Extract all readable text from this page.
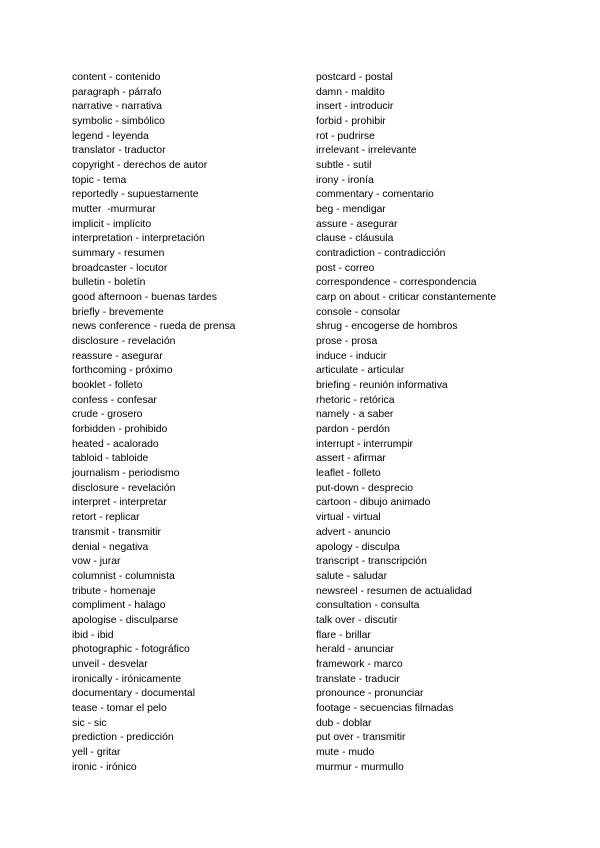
content - contenido
paragraph - párrafo
narrative - narrativa
symbolic - simbólico
legend - leyenda
translator - traductor
copyright - derechos de autor
topic - tema
reportedly - supuestamente
mutter  -murmurar
implicit - implícito
interpretation - interpretación
summary - resumen
broadcaster - locutor
bulletin - boletín
good afternoon - buenas tardes
briefly - brevemente
news conference - rueda de prensa
disclosure - revelación
reassure - asegurar
forthcoming - próximo
booklet - folleto
confess - confesar
crude - grosero
forbidden - prohibido
heated - acalorado
tabloid - tabloide
journalism - periodismo
disclosure - revelación
interpret - interpretar
retort - replicar
transmit - transmitir
denial - negativa
vow - jurar
columnist - columnista
tribute - homenaje
compliment - halago
apologise - disculparse
ibid - ibid
photographic - fotográfico
unveil - desvelar
ironically - irónicamente
documentary - documental
tease - tomar el pelo
sic - sic
prediction - predicción
yell - gritar
ironic - irónico
postcard - postal
damn - maldito
insert - introducir
forbid - prohibir
rot - pudrirse
irrelevant - irrelevante
subtle - sutil
irony - ironía
commentary - comentario
beg - mendigar
assure - asegurar
clause - cláusula
contradiction - contradicción
post - correo
correspondence - correspondencia
carp on about - criticar constantemente
console - consolar
shrug - encogerse de hombros
prose - prosa
induce - inducir
articulate - articular
briefing - reunión informativa
rhetoric - retórica
namely - a saber
pardon - perdón
interrupt - interrumpir
assert - afirmar
leaflet - folleto
put-down - desprecio
cartoon - dibujo animado
virtual - virtual
advert - anuncio
apology - disculpa
transcript - transcripción
salute - saludar
newsreel - resumen de actualidad
consultation - consulta
talk over - discutir
flare - brillar
herald - anunciar
framework - marco
translate - traducir
pronounce - pronunciar
footage - secuencias filmadas
dub - doblar
put over - transmitir
mute - mudo
murmur - murmullo
